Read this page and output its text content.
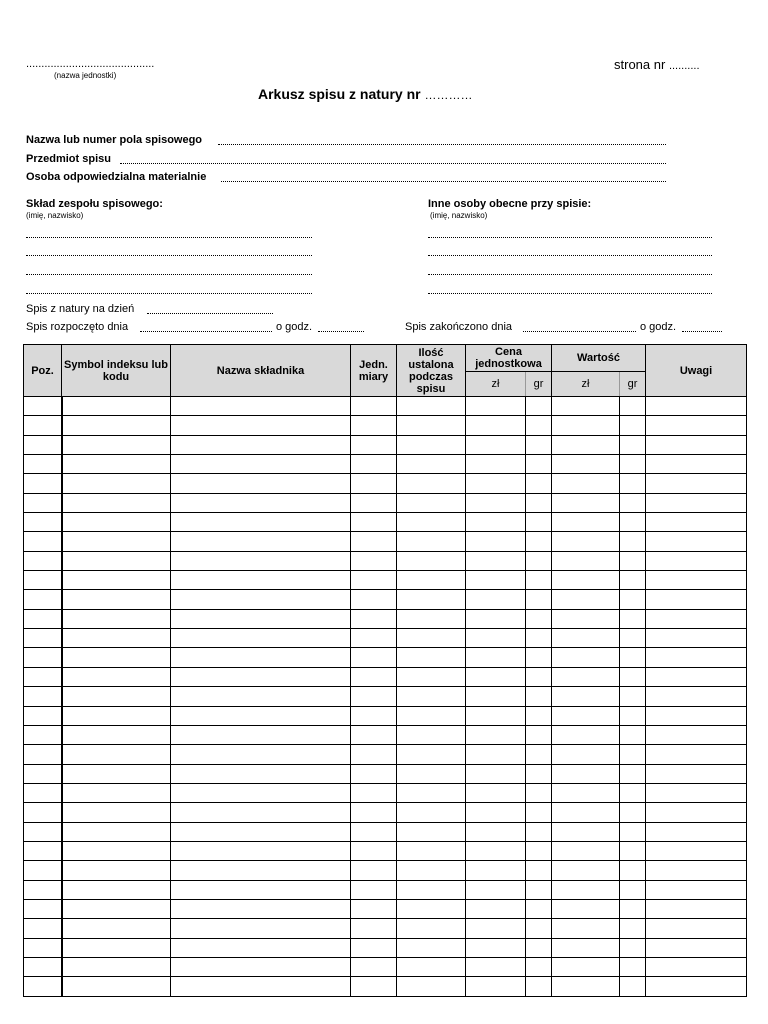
..........................................
(nazwa jednostki)
strona nr ..........
Arkusz spisu z natury nr …………
Nazwa lub numer pola spisowego
Przedmiot spisu
Osoba odpowiedzialna materialnie
Skład zespołu spisowego:
(imię, nazwisko)
Inne osoby obecne przy spisie:
(imię, nazwisko)
Spis z natury na dzień
Spis rozpoczęto dnia	o godz.	Spis zakończono dnia	o godz.
Poz.	Symbol indeksu lub kodu	Nazwa składnika	Jedn. miary	Ilość ustalona podczas spisu	Cena jednostkowa		Wartość		Uwagi
					zł	gr	zł	gr	
